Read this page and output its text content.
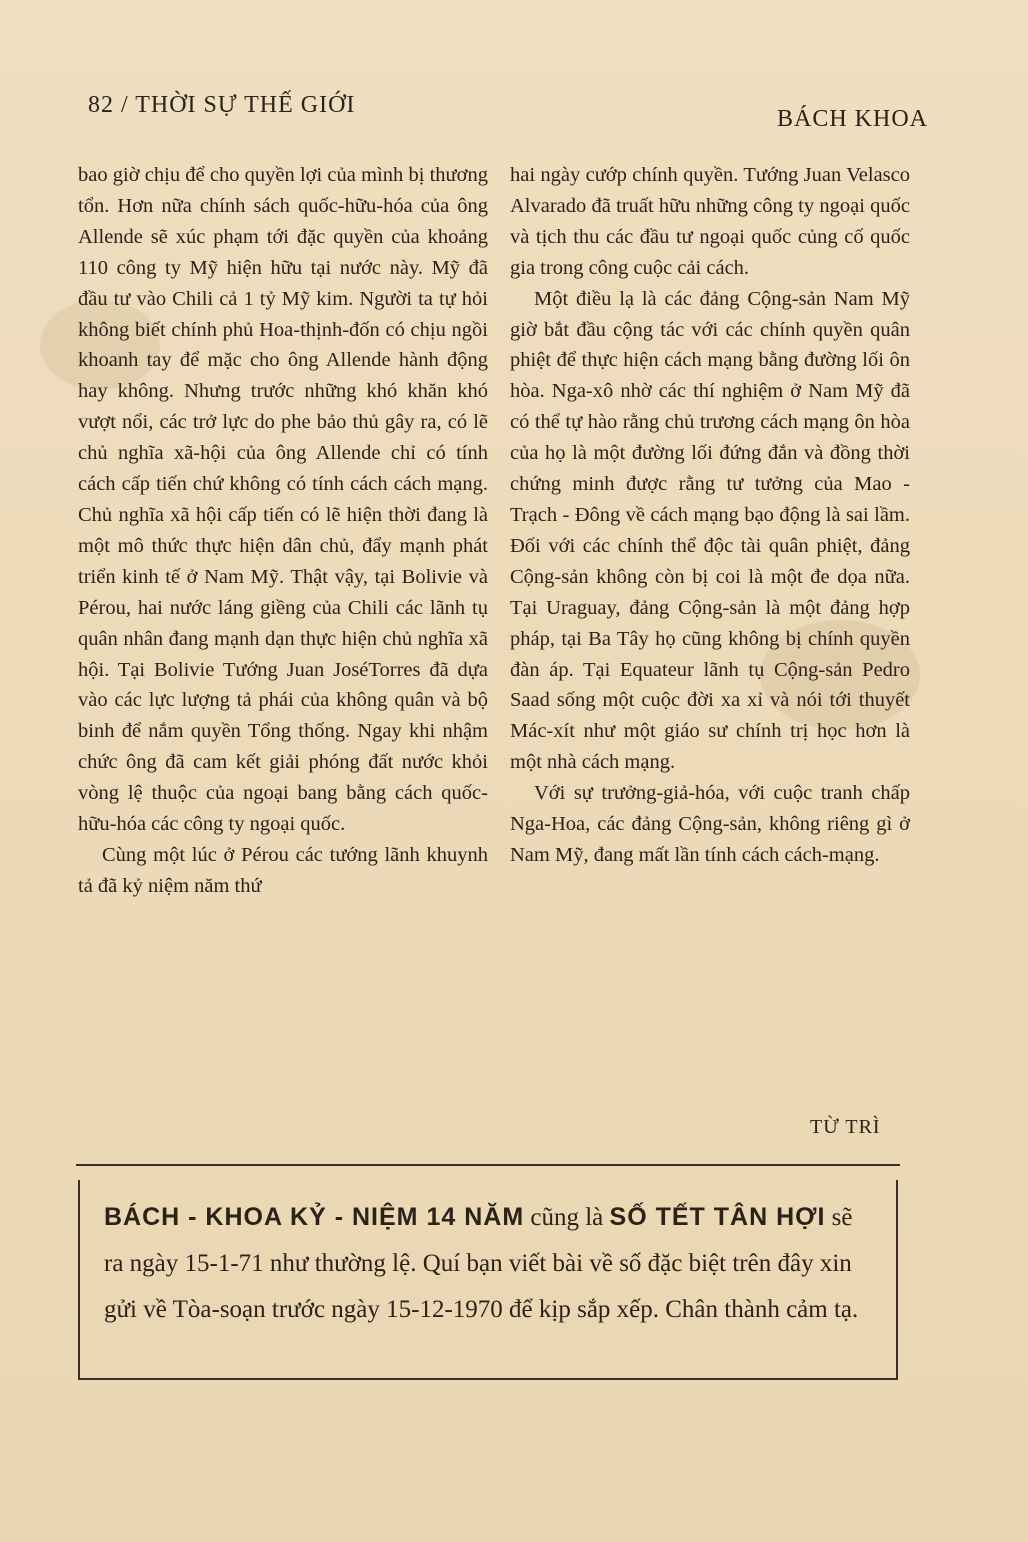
82 / THỜI SỰ THẾ GIỚI
BÁCH KHOA

bao giờ chịu để cho quyền lợi của mình bị thương tổn. Hơn nữa chính sách quốc-hữu-hóa của ông Allende sẽ xúc phạm tới đặc quyền của khoảng 110 công ty Mỹ hiện hữu tại nước này. Mỹ đã đầu tư vào Chili cả 1 tỷ Mỹ kim. Người ta tự hỏi không biết chính phủ Hoa-thịnh-đốn có chịu ngồi khoanh tay để mặc cho ông Allende hành động hay không. Nhưng trước những khó khăn khó vượt nổi, các trở lực do phe bảo thủ gây ra, có lẽ chủ nghĩa xã-hội của ông Allende chỉ có tính cách cấp tiến chứ không có tính cách cách mạng. Chủ nghĩa xã hội cấp tiến có lẽ hiện thời đang là một mô thức thực hiện dân chủ, đẩy mạnh phát triển kinh tế ở Nam Mỹ. Thật vậy, tại Bolivie và Pérou, hai nước láng giềng của Chili các lãnh tụ quân nhân đang mạnh dạn thực hiện chủ nghĩa xã hội. Tại Bolivie Tướng Juan JoséTorres đã dựa vào các lực lượng tả phái của không quân và bộ binh để nắm quyền Tổng thống. Ngay khi nhậm chức ông đã cam kết giải phóng đất nước khỏi vòng lệ thuộc của ngoại bang bằng cách quốc-hữu-hóa các công ty ngoại quốc.

Cùng một lúc ở Pérou các tướng lãnh khuynh tả đã kỷ niệm năm thứ

hai ngày cướp chính quyền. Tướng Juan Velasco Alvarado đã truất hữu những công ty ngoại quốc và tịch thu các đầu tư ngoại quốc củng cố quốc gia trong công cuộc cải cách.

Một điều lạ là các đảng Cộng-sản Nam Mỹ giờ bắt đầu cộng tác với các chính quyền quân phiệt để thực hiện cách mạng bằng đường lối ôn hòa. Nga-xô nhờ các thí nghiệm ở Nam Mỹ đã có thể tự hào rằng chủ trương cách mạng ôn hòa của họ là một đường lối đứng đắn và đồng thời chứng minh được rằng tư tưởng của Mao - Trạch - Đông về cách mạng bạo động là sai lầm. Đối với các chính thể độc tài quân phiệt, đảng Cộng-sản không còn bị coi là một đe dọa nữa. Tại Uraguay, đảng Cộng-sản là một đảng hợp pháp, tại Ba Tây họ cũng không bị chính quyền đàn áp. Tại Equateur lãnh tụ Cộng-sản Pedro Saad sống một cuộc đời xa xỉ và nói tới thuyết Mác-xít như một giáo sư chính trị học hơn là một nhà cách mạng.

Với sự trưởng-giả-hóa, với cuộc tranh chấp Nga-Hoa, các đảng Cộng-sản, không riêng gì ở Nam Mỹ, đang mất lần tính cách cách-mạng.

TỪ TRÌ
BÁCH - KHOA KỶ - NIỆM 14 NĂM cũng là SỐ TẾT TÂN HỢI sẽ ra ngày 15-1-71 như thường lệ. Quí bạn viết bài về số đặc biệt trên đây xin gửi về Tòa-soạn trước ngày 15-12-1970 để kịp sắp xếp. Chân thành cảm tạ.
